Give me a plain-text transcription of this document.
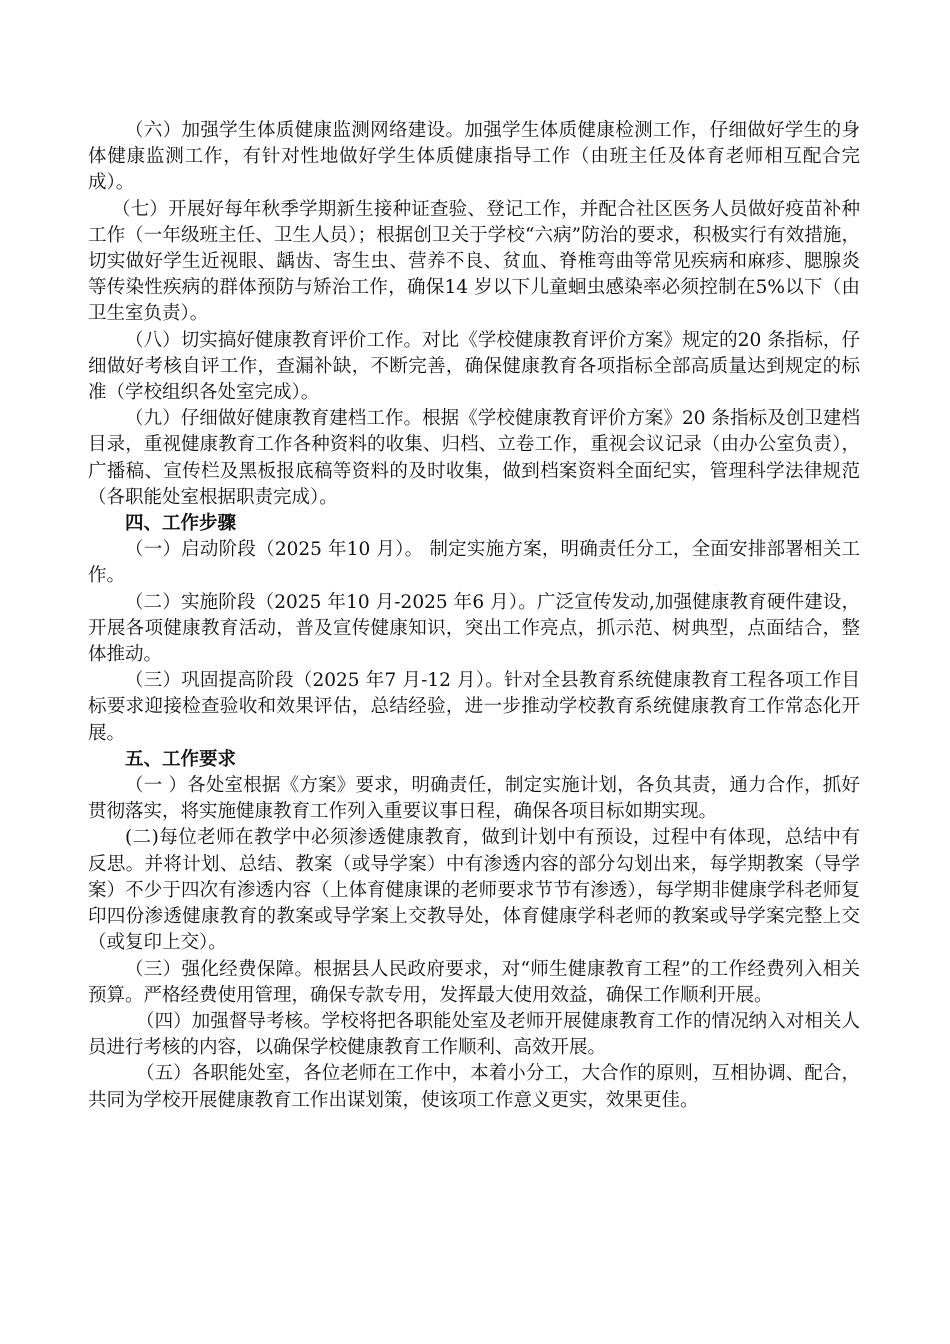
（六）加强学生体质健康监测网络建设。加强学生体质健康检测工作，仔细做好学生的身体健康监测工作，有针对性地做好学生体质健康指导工作（由班主任及体育老师相互配合完成）。

（七）开展好每年秋季学期新生接种证查验、登记工作，并配合社区医务人员做好疫苗补种工作（一年级班主任、卫生人员）；根据创卫关于学校“六病”防治的要求，积极实行有效措施，切实做好学生近视眼、龋齿、寄生虫、营养不良、贫血、脊椎弯曲等常见疾病和麻疹、腮腺炎等传染性疾病的群体预防与矫治工作，确保14 岁以下儿童蛔虫感染率必须控制在5%以下（由卫生室负责）。

（八）切实搞好健康教育评价工作。对比《学校健康教育评价方案》规定的20 条指标，仔细做好考核自评工作，查漏补缺，不断完善，确保健康教育各项指标全部高质量达到规定的标准（学校组织各处室完成）。

（九）仔细做好健康教育建档工作。根据《学校健康教育评价方案》20 条指标及创卫建档目录，重视健康教育工作各种资料的收集、归档、立卷工作，重视会议记录（由办公室负责），广播稿、宣传栏及黑板报底稿等资料的及时收集，做到档案资料全面纪实，管理科学法律规范（各职能处室根据职责完成）。

四、工作步骤

（一）启动阶段（2025 年10 月）。 制定实施方案，明确责任分工，全面安排部署相关工作。

（二）实施阶段（2025 年10 月-2025 年6 月）。广泛宣传发动,加强健康教育硬件建设，开展各项健康教育活动，普及宣传健康知识，突出工作亮点，抓示范、树典型，点面结合，整体推动。

（三）巩固提高阶段（2025 年7 月-12 月）。针对全县教育系统健康教育工程各项工作目标要求迎接检查验收和效果评估，总结经验，进一步推动学校教育系统健康教育工作常态化开展。

五、工作要求

（一 ）各处室根据《方案》要求，明确责任，制定实施计划，各负其责，通力合作，抓好贯彻落实，将实施健康教育工作列入重要议事日程，确保各项目标如期实现。

(二)每位老师在教学中必须渗透健康教育，做到计划中有预设，过程中有体现，总结中有反思。并将计划、总结、教案（或导学案）中有渗透内容的部分勾划出来，每学期教案（导学案）不少于四次有渗透内容（上体育健康课的老师要求节节有渗透），每学期非健康学科老师复印四份渗透健康教育的教案或导学案上交教导处，体育健康学科老师的教案或导学案完整上交（或复印上交）。

（三）强化经费保障。根据县人民政府要求，对“师生健康教育工程”的工作经费列入相关预算。严格经费使用管理，确保专款专用，发挥最大使用效益，确保工作顺利开展。

（四）加强督导考核。学校将把各职能处室及老师开展健康教育工作的情况纳入对相关人员进行考核的内容，以确保学校健康教育工作顺利、高效开展。

（五）各职能处室，各位老师在工作中，本着小分工，大合作的原则，互相协调、配合，共同为学校开展健康教育工作出谋划策，使该项工作意义更实，效果更佳。
